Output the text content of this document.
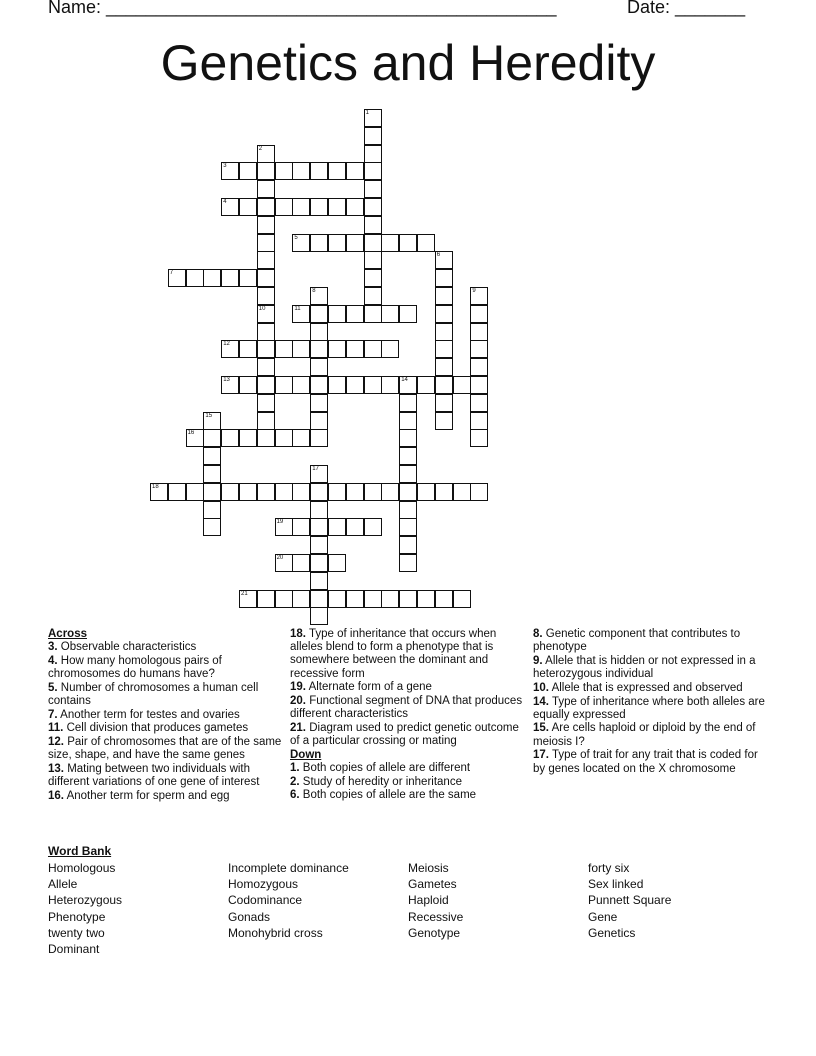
Name: _____________________________________________

	Date: _______

Genetics and Heredity
1
2
10
3
4
5
6
7
8	9
11
12
13	14
15
16
17
18
19
20
21
Across
3. Observable characteristics
4. How many homologous pairs of chromosomes do humans have?
5. Number of chromosomes a human cell contains
7. Another term for testes and ovaries
11. Cell division that produces gametes
12. Pair of chromosomes that are of the same size, shape, and have the same genes
13. Mating between two individuals with different variations of one gene of interest
16. Another term for sperm and egg
18. Type of inheritance that occurs when alleles blend to form a phenotype that is somewhere between the dominant and recessive form
19. Alternate form of a gene
20. Functional segment of DNA that produces different characteristics
21. Diagram used to predict genetic outcome of a particular crossing or mating
Down
1. Both copies of allele are different
2. Study of heredity or inheritance
6. Both copies of allele are the same
8. Genetic component that contributes to phenotype
9. Allele that is hidden or not expressed in a heterozygous individual
10. Allele that is expressed and observed
14. Type of inheritance where both alleles are equally expressed
15. Are cells haploid or diploid by the end of meiosis I?
17. Type of trait for any trait that is coded for by genes located on the X chromosome
Word Bank
Homologous
Allele
Heterozygous
Phenotype
twenty two
Dominant
Incomplete dominance
Homozygous
Codominance
Gonads
Monohybrid cross
Meiosis
Gametes
Haploid
Recessive
Genotype
forty six
Sex linked
Punnett Square
Gene
Genetics
